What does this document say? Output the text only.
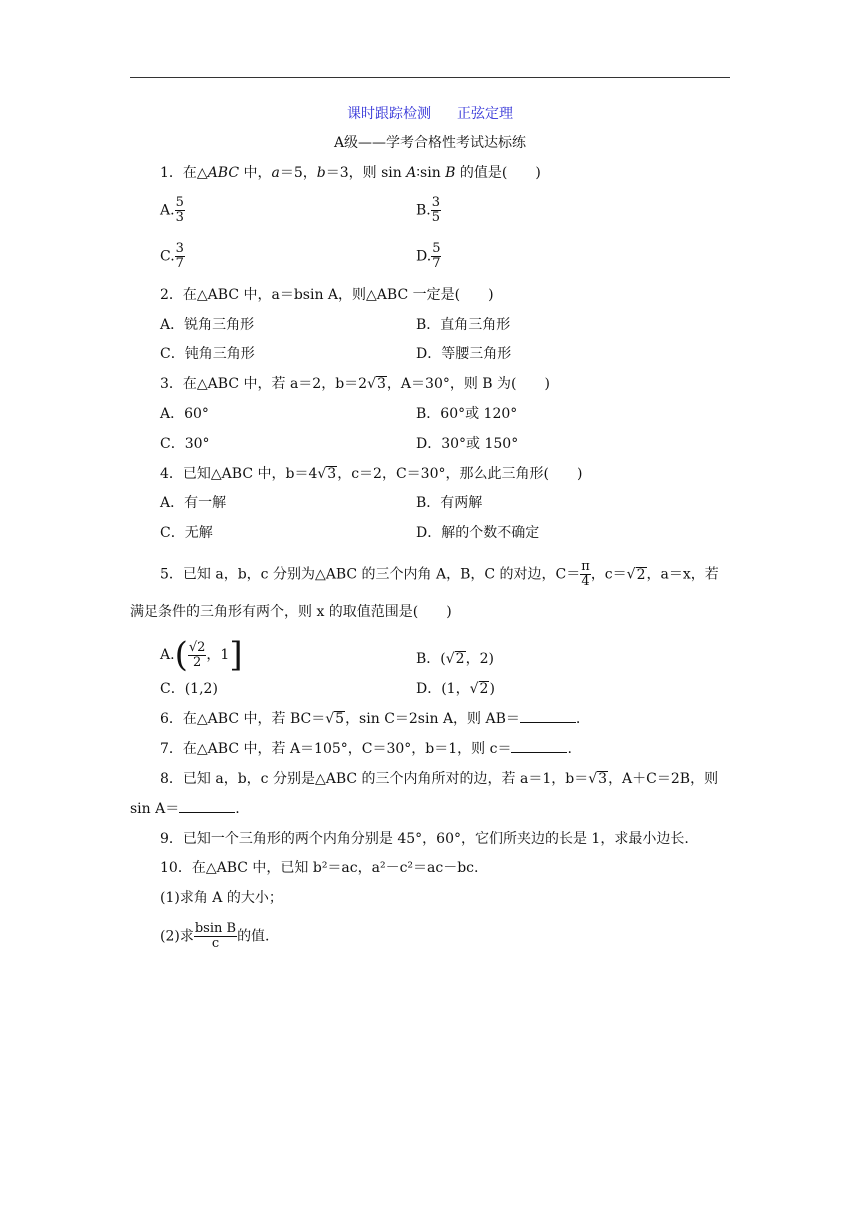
课时跟踪检测 正弦定理
A级——学考合格性考试达标练
1．在△ABC 中，a＝5，b＝3，则 sin A∶sin B 的值是(　　)
A. $\frac{5}{3}$	B. $\frac{3}{5}$
C. $\frac{3}{7}$	D. $\frac{5}{7}$
2．在△ABC 中，a＝bsin A，则△ABC 一定是(　　)
A．锐角三角形	B．直角三角形
C．钝角三角形	D．等腰三角形
3．在△ABC 中，若 a＝2，b＝2√3，A＝30°，则 B 为(　　)
A．60°	B．60°或 120°
C．30°	D．30°或 150°
4．已知△ABC 中，b＝4√3，c＝2，C＝30°，那么此三角形(　　)
A．有一解	B．有两解
C．无解	D．解的个数不确定
5．已知 a，b，c 分别为△ABC 的三个内角 A，B，C 的对边，$C= \frac{\pi}{4}$ ，c＝√2，a＝x，若
满足条件的三角形有两个，则 x 的取值范围是(　　)
$A.( \frac{√2}{2}$ ，1]	B．(√2，2)
C．(1,2)	D．(1，√2)
6．在△ABC 中，若 BC＝√5，sin C＝2sin A，则 AB＝	.
7．在△ABC 中，若 A＝105°，C＝30°，b＝1，则 c＝	.
8．已知 a，b，c 分别是△ABC 的三个内角所对的边，若 a＝1，b＝√3，A＋C＝2B，则
sin A＝	.
9．已知一个三角形的两个内角分别是 45°，60°，它们所夹边的长是 1，求最小边长.
10．在△ABC 中，已知 b²＝ac，a²－c²＝ac－bc.
(1)求角 A 的大小；
(2)求 $\frac{\text{bsin B}}{c}$ 的值.
